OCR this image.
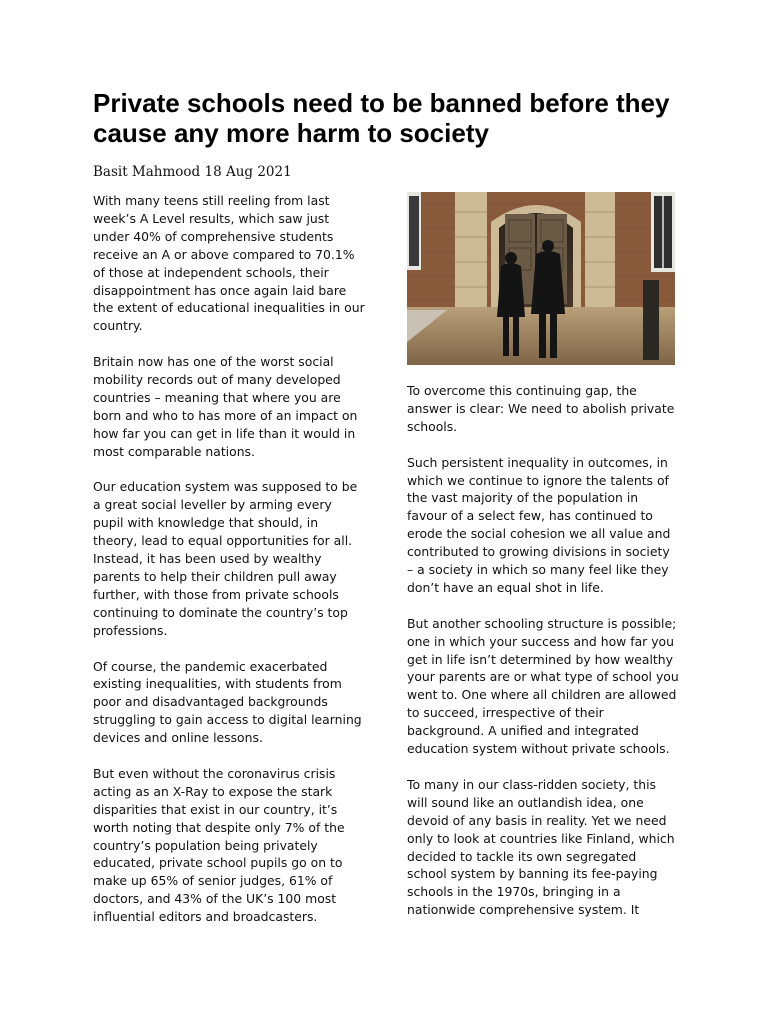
Private schools need to be banned before they cause any more harm to society
Basit Mahmood 18 Aug 2021

With many teens still reeling from last week’s A Level results, which saw just under 40% of comprehensive students receive an A or above compared to 70.1% of those at independent schools, their disappointment has once again laid bare the extent of educational inequalities in our country.

Britain now has one of the worst social mobility records out of many developed countries – meaning that where you are born and who to has more of an impact on how far you can get in life than it would in most comparable nations.

Our education system was supposed to be a great social leveller by arming every pupil with knowledge that should, in theory, lead to equal opportunities for all. Instead, it has been used by wealthy parents to help their children pull away further, with those from private schools continuing to dominate the country’s top professions.

Of course, the pandemic exacerbated existing inequalities, with students from poor and disadvantaged backgrounds struggling to gain access to digital learning devices and online lessons.

But even without the coronavirus crisis acting as an X-Ray to expose the stark disparities that exist in our country, it’s worth noting that despite only 7% of the country’s population being privately educated, private school pupils go on to make up 65% of senior judges, 61% of doctors, and 43% of the UK’s 100 most influential editors and broadcasters.

To overcome this continuing gap, the answer is clear: We need to abolish private schools.

Such persistent inequality in outcomes, in which we continue to ignore the talents of the vast majority of the population in favour of a select few, has continued to erode the social cohesion we all value and contributed to growing divisions in society – a society in which so many feel like they don’t have an equal shot in life.

But another schooling structure is possible; one in which your success and how far you get in life isn’t determined by how wealthy your parents are or what type of school you went to. One where all children are allowed to succeed, irrespective of their background. A unified and integrated education system without private schools.

To many in our class-ridden society, this will sound like an outlandish idea, one devoid of any basis in reality. Yet we need only to look at countries like Finland, which decided to tackle its own segregated school system by banning its fee-paying schools in the 1970s, bringing in a nationwide comprehensive system. It
